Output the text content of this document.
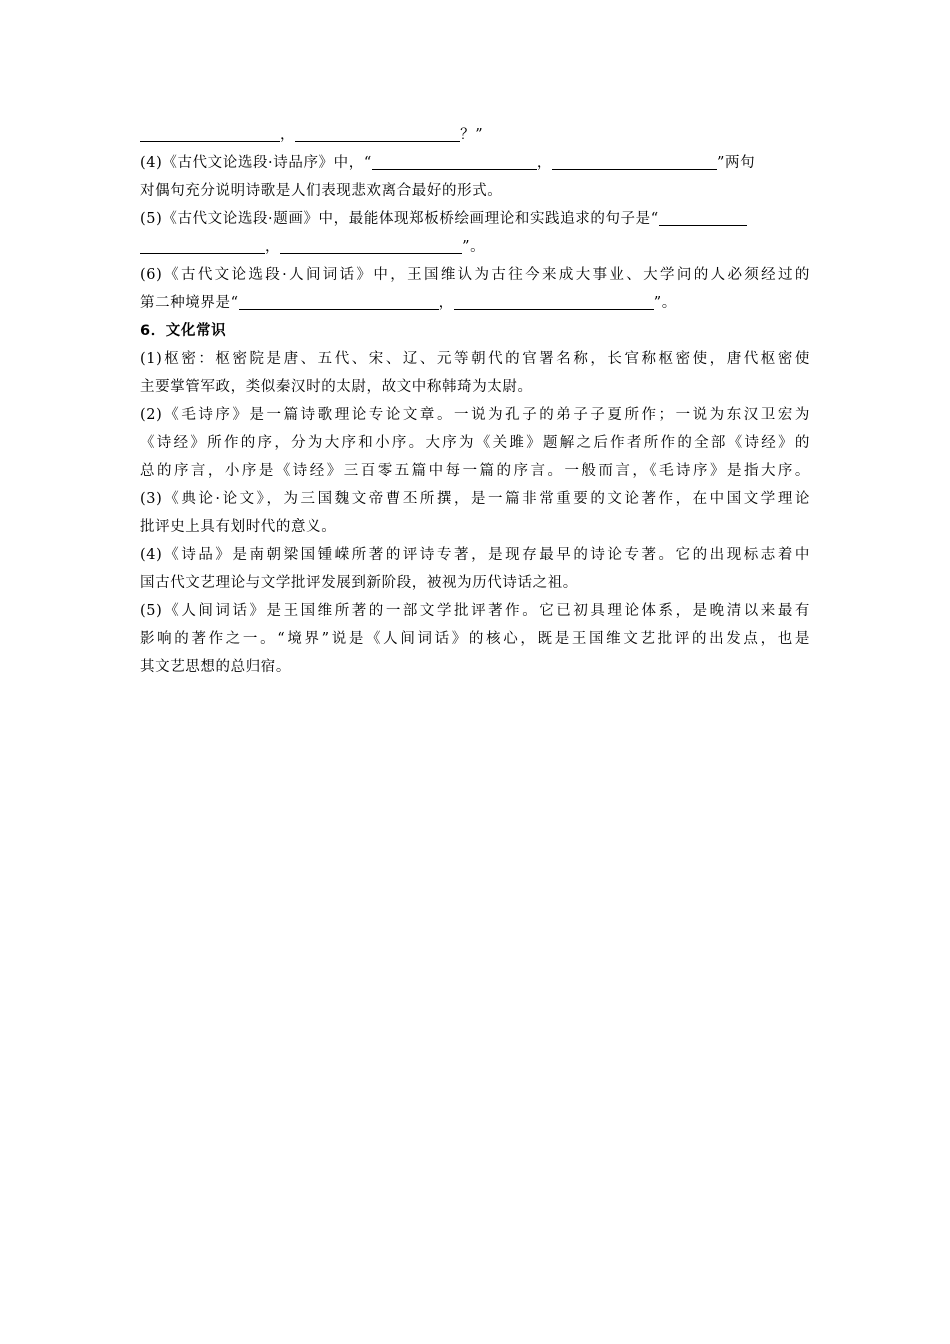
，	？”
(4)《古代文论选段·诗品序》中，“	，	”两句
对偶句充分说明诗歌是人们表现悲欢离合最好的形式。
(5)《古代文论选段·题画》中，最能体现郑板桥绘画理论和实践追求的句子是“
，	”。
(6)《古代文论选段·人间词话》中，王国维认为古往今来成大事业、大学问的人必须经过的
第二种境界是“	，	”。
6．文化常识
(1)枢密：枢密院是唐、五代、宋、辽、元等朝代的官署名称，长官称枢密使，唐代枢密使
主要掌管军政，类似秦汉时的太尉，故文中称韩琦为太尉。
(2)《毛诗序》是一篇诗歌理论专论文章。一说为孔子的弟子子夏所作；一说为东汉卫宏为
《诗经》所作的序，分为大序和小序。大序为《关雎》题解之后作者所作的全部《诗经》的
总的序言，小序是《诗经》三百零五篇中每一篇的序言。一般而言，《毛诗序》是指大序。
(3)《典论·论文》，为三国魏文帝曹丕所撰，是一篇非常重要的文论著作，在中国文学理论
批评史上具有划时代的意义。
(4)《诗品》是南朝梁国锺嵘所著的评诗专著，是现存最早的诗论专著。它的出现标志着中
国古代文艺理论与文学批评发展到新阶段，被视为历代诗话之祖。
(5)《人间词话》是王国维所著的一部文学批评著作。它已初具理论体系，是晚清以来最有
影响的著作之一。“境界”说是《人间词话》的核心，既是王国维文艺批评的出发点，也是
其文艺思想的总归宿。
